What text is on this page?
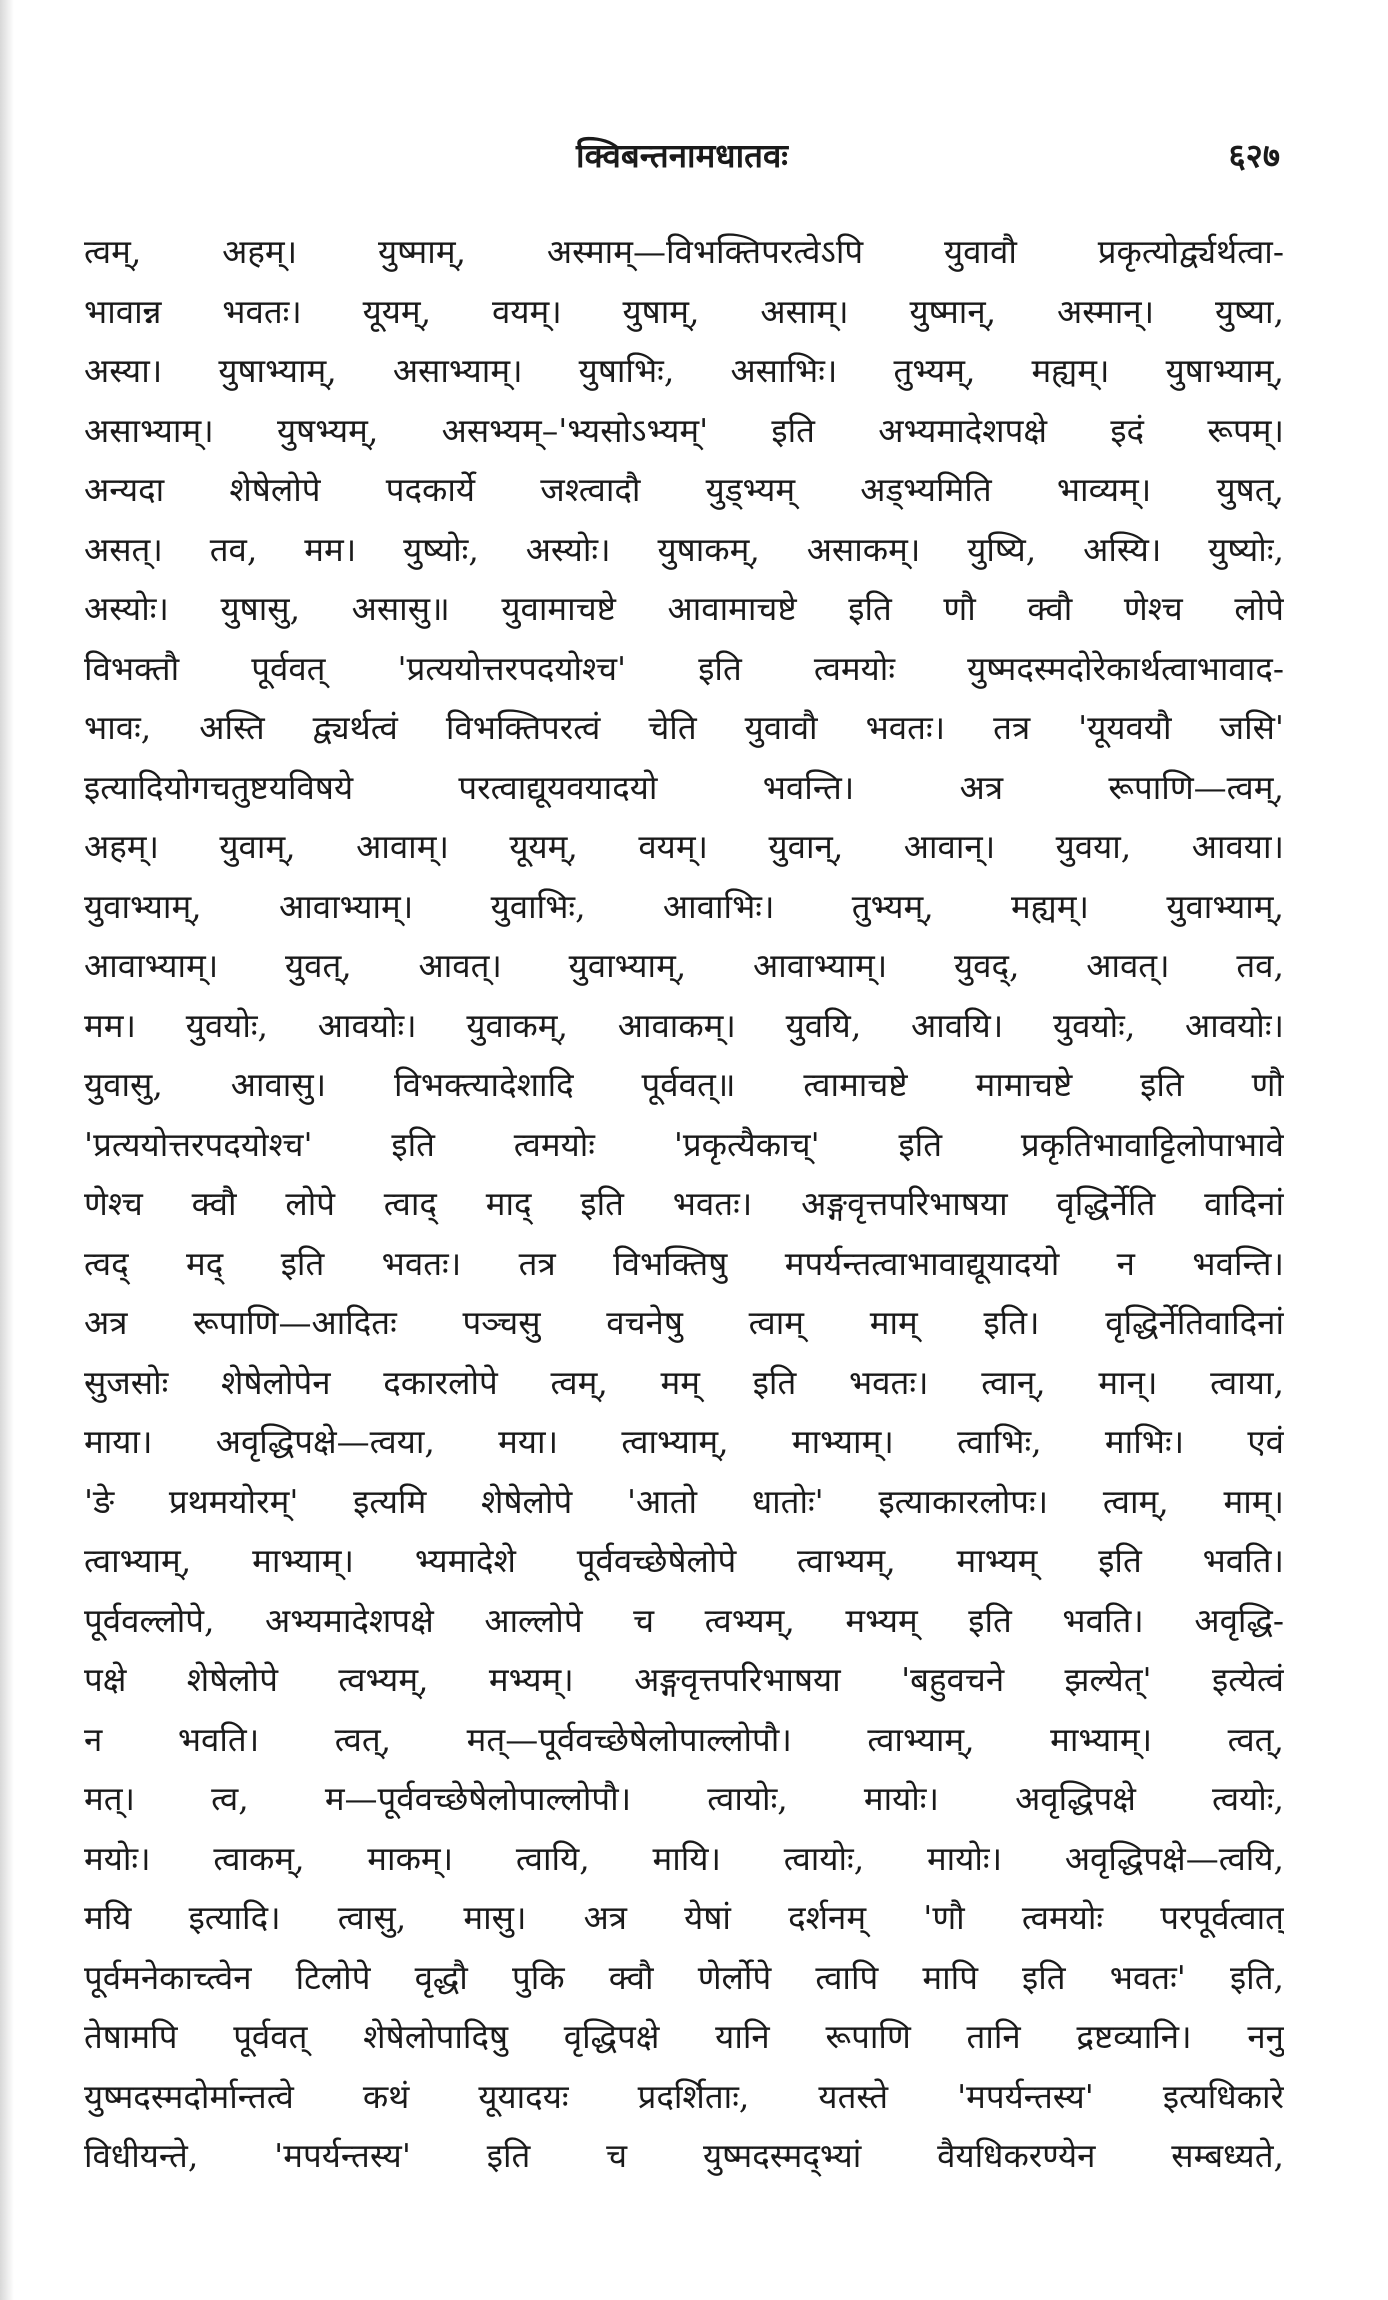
क्विबन्तनामधातवः	६२७
त्वम्, अहम्। युष्माम्, अस्माम्—विभक्तिपरत्वेऽपि युवावौ प्रकृत्योर्द्व्यर्थत्वा-
भावान्न भवतः। यूयम्, वयम्। युषाम्, असाम्। युष्मान्, अस्मान्। युष्या,
अस्या। युषाभ्याम्, असाभ्याम्। युषाभिः, असाभिः। तुभ्यम्, मह्यम्। युषाभ्याम्,
असाभ्याम्। युषभ्यम्, असभ्यम्–'भ्यसोऽभ्यम्' इति अभ्यमादेशपक्षे इदं रूपम्।
अन्यदा शेषेलोपे पदकार्ये जश्त्वादौ युड्भ्यम् अड्भ्यमिति भाव्यम्। युषत्,
असत्। तव, मम। युष्योः, अस्योः। युषाकम्, असाकम्। युष्यि, अस्यि। युष्योः,
अस्योः। युषासु, असासु॥ युवामाचष्टे आवामाचष्टे इति णौ क्वौ णेश्च लोपे
विभक्तौ पूर्ववत् 'प्रत्ययोत्तरपदयोश्च' इति त्वमयोः युष्मदस्मदोरेकार्थत्वाभावाद-
भावः, अस्ति द्व्यर्थत्वं विभक्तिपरत्वं चेति युवावौ भवतः। तत्र 'यूयवयौ जसि'
इत्यादियोगचतुष्टयविषये परत्वाद्यूयवयादयो भवन्ति। अत्र रूपाणि—त्वम्,
अहम्। युवाम्, आवाम्। यूयम्, वयम्। युवान्, आवान्। युवया, आवया।
युवाभ्याम्, आवाभ्याम्। युवाभिः, आवाभिः। तुभ्यम्, मह्यम्। युवाभ्याम्,
आवाभ्याम्। युवत्, आवत्। युवाभ्याम्, आवाभ्याम्। युवद्, आवत्। तव,
मम। युवयोः, आवयोः। युवाकम्, आवाकम्। युवयि, आवयि। युवयोः, आवयोः।
युवासु, आवासु। विभक्त्यादेशादि पूर्ववत्॥ त्वामाचष्टे मामाचष्टे इति णौ
'प्रत्ययोत्तरपदयोश्च' इति त्वमयोः 'प्रकृत्यैकाच्' इति प्रकृतिभावाट्टिलोपाभावे
णेश्च क्वौ लोपे त्वाद् माद् इति भवतः। अङ्गवृत्तपरिभाषया वृद्धिर्नेति वादिनां
त्वद् मद् इति भवतः। तत्र विभक्तिषु मपर्यन्तत्वाभावाद्यूयादयो न भवन्ति।
अत्र रूपाणि—आदितः पञ्चसु वचनेषु त्वाम् माम् इति। वृद्धिर्नेतिवादिनां
सुजसोः शेषेलोपेन दकारलोपे त्वम्, मम् इति भवतः। त्वान्, मान्। त्वाया,
माया। अवृद्धिपक्षे—त्वया, मया। त्वाभ्याम्, माभ्याम्। त्वाभिः, माभिः। एवं
'ङे प्रथमयोरम्' इत्यमि शेषेलोपे 'आतो धातोः' इत्याकारलोपः। त्वाम्, माम्।
त्वाभ्याम्, माभ्याम्। भ्यमादेशे पूर्ववच्छेषेलोपे त्वाभ्यम्, माभ्यम् इति भवति।
पूर्ववल्लोपे, अभ्यमादेशपक्षे आल्लोपे च त्वभ्यम्, मभ्यम् इति भवति। अवृद्धि-
पक्षे शेषेलोपे त्वभ्यम्, मभ्यम्। अङ्गवृत्तपरिभाषया 'बहुवचने झल्येत्' इत्येत्वं
न भवति। त्वत्, मत्—पूर्ववच्छेषेलोपाल्लोपौ। त्वाभ्याम्, माभ्याम्। त्वत्,
मत्। त्व, म—पूर्ववच्छेषेलोपाल्लोपौ। त्वायोः, मायोः। अवृद्धिपक्षे त्वयोः,
मयोः। त्वाकम्, माकम्। त्वायि, मायि। त्वायोः, मायोः। अवृद्धिपक्षे—त्वयि,
मयि इत्यादि। त्वासु, मासु। अत्र येषां दर्शनम् 'णौ त्वमयोः परपूर्वत्वात्
पूर्वमनेकाच्त्वेन टिलोपे वृद्धौ पुकि क्वौ णेर्लोपे त्वापि मापि इति भवतः' इति,
तेषामपि पूर्ववत् शेषेलोपादिषु वृद्धिपक्षे यानि रूपाणि तानि द्रष्टव्यानि। ननु
युष्मदस्मदोर्मान्तत्वे कथं यूयादयः प्रदर्शिताः, यतस्ते 'मपर्यन्तस्य' इत्यधिकारे
विधीयन्ते, 'मपर्यन्तस्य' इति च युष्मदस्मद्भ्यां वैयधिकरण्येन सम्बध्यते,
